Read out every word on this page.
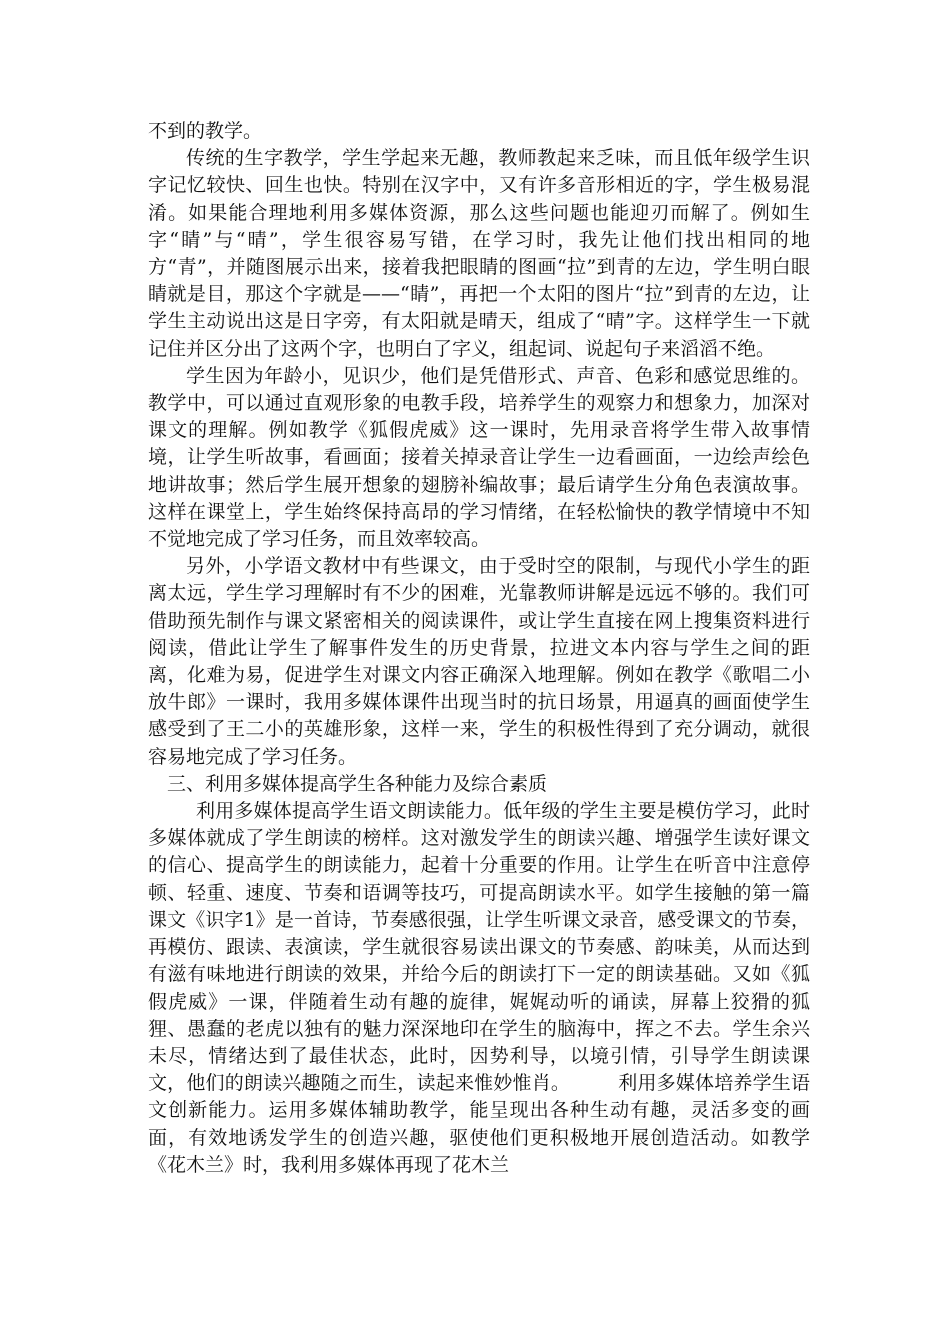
不到的教学。

传统的生字教学，学生学起来无趣，教师教起来乏味，而且低年级学生识字记忆较快、回生也快。特别在汉字中，又有许多音形相近的字，学生极易混淆。如果能合理地利用多媒体资源，那么这些问题也能迎刃而解了。例如生字“睛”与“晴”，学生很容易写错，在学习时，我先让他们找出相同的地方“青”，并随图展示出来，接着我把眼睛的图画“拉”到青的左边，学生明白眼睛就是目，那这个字就是——“睛”，再把一个太阳的图片“拉”到青的左边，让学生主动说出这是日字旁，有太阳就是晴天，组成了“晴”字。这样学生一下就记住并区分出了这两个字，也明白了字义，组起词、说起句子来滔滔不绝。

学生因为年龄小，见识少，他们是凭借形式、声音、色彩和感觉思维的。教学中，可以通过直观形象的电教手段，培养学生的观察力和想象力，加深对课文的理解。例如教学《狐假虎威》这一课时，先用录音将学生带入故事情境，让学生听故事，看画面；接着关掉录音让学生一边看画面，一边绘声绘色地讲故事；然后学生展开想象的翅膀补编故事；最后请学生分角色表演故事。这样在课堂上，学生始终保持高昂的学习情绪，在轻松愉快的教学情境中不知不觉地完成了学习任务，而且效率较高。

另外，小学语文教材中有些课文，由于受时空的限制，与现代小学生的距离太远，学生学习理解时有不少的困难，光靠教师讲解是远远不够的。我们可借助预先制作与课文紧密相关的阅读课件，或让学生直接在网上搜集资料进行阅读，借此让学生了解事件发生的历史背景，拉进文本内容与学生之间的距离，化难为易，促进学生对课文内容正确深入地理解。例如在教学《歌唱二小放牛郎》一课时，我用多媒体课件出现当时的抗日场景，用逼真的画面使学生感受到了王二小的英雄形象，这样一来，学生的积极性得到了充分调动，就很容易地完成了学习任务。

三、利用多媒体提高学生各种能力及综合素质

利用多媒体提高学生语文朗读能力。低年级的学生主要是模仿学习，此时多媒体就成了学生朗读的榜样。这对激发学生的朗读兴趣、增强学生读好课文的信心、提高学生的朗读能力，起着十分重要的作用。让学生在听音中注意停顿、轻重、速度、节奏和语调等技巧，可提高朗读水平。如学生接触的第一篇课文《识字1》是一首诗，节奏感很强，让学生听课文录音，感受课文的节奏，再模仿、跟读、表演读，学生就很容易读出课文的节奏感、韵味美，从而达到有滋有味地进行朗读的效果，并给今后的朗读打下一定的朗读基础。又如《狐假虎威》一课，伴随着生动有趣的旋律，娓娓动听的诵读，屏幕上狡猾的狐狸、愚蠢的老虎以独有的魅力深深地印在学生的脑海中，挥之不去。学生余兴未尽，情绪达到了最佳状态，此时，因势利导，以境引情，引导学生朗读课文，他们的朗读兴趣随之而生，读起来惟妙惟肖。	利用多媒体培养学生语文创新能力。运用多媒体辅助教学，能呈现出各种生动有趣，灵活多变的画面，有效地诱发学生的创造兴趣，驱使他们更积极地开展创造活动。如教学《花木兰》时，我利用多媒体再现了花木兰
